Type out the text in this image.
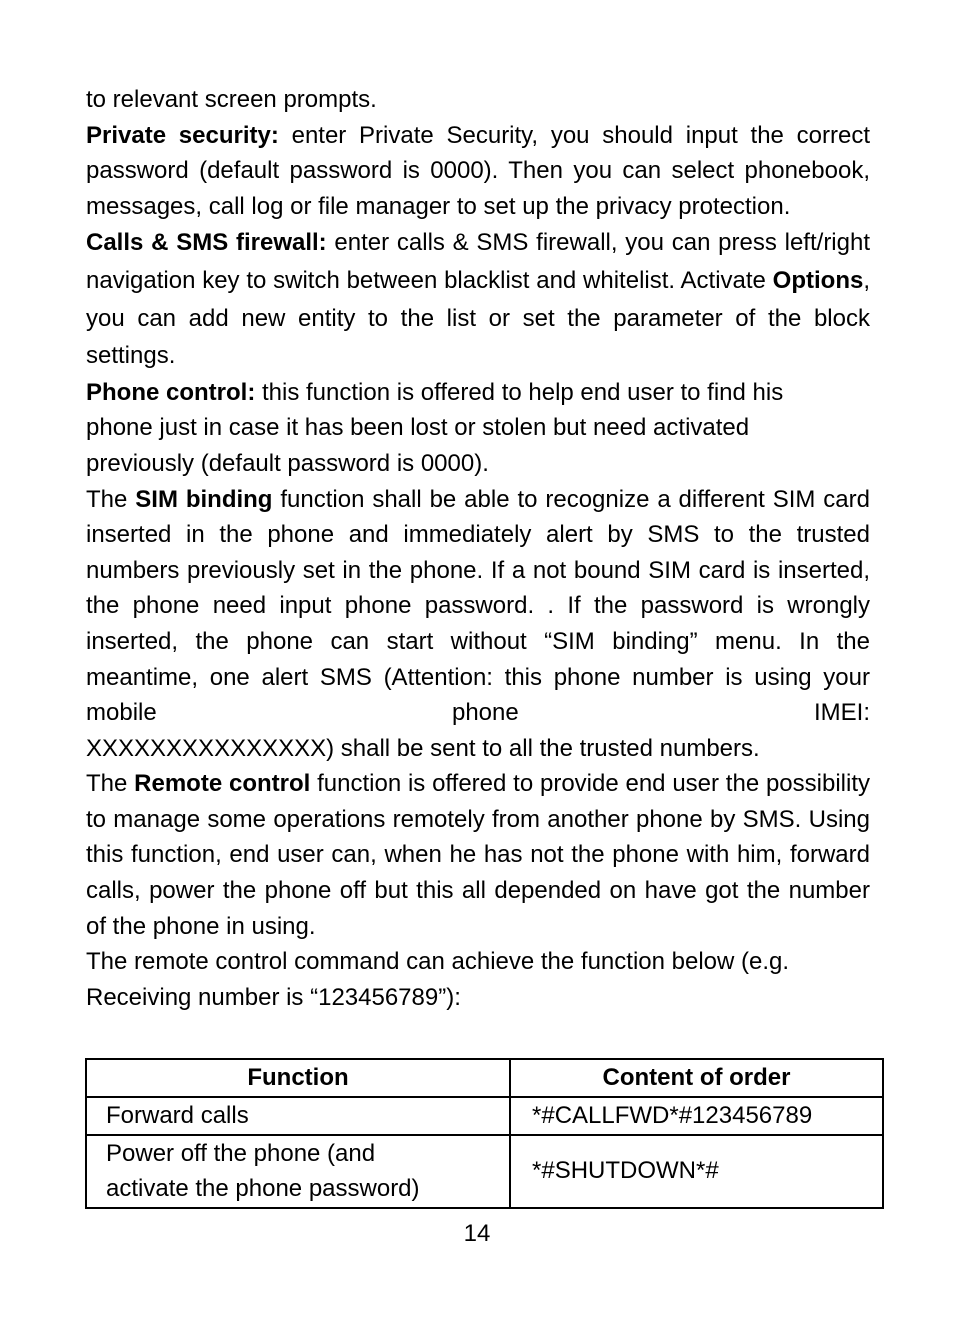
to relevant screen prompts.

Private security: enter Private Security, you should input the correct password (default password is 0000). Then you can select phonebook, messages, call log or file manager to set up the privacy protection.

Calls & SMS firewall: enter calls & SMS firewall, you can press left/right navigation key to switch between blacklist and whitelist. Activate Options, you can add new entity to the list or set the parameter of the block settings.

Phone control: this function is offered to help end user to find his
phone just in case it has been lost or stolen but need activated
previously (default password is 0000).

The SIM binding function shall be able to recognize a different SIM card inserted in the phone and immediately alert by SMS to the trusted numbers previously set in the phone. If a not bound SIM card is inserted, the phone need input phone password. . If the password is wrongly inserted, the phone can start without “SIM binding” menu. In the meantime, one alert SMS (Attention: this phone number is using your mobile phone IMEI:

XXXXXXXXXXXXXXX) shall be sent to all the trusted numbers.

The Remote control function is offered to provide end user the possibility to manage some operations remotely from another phone by SMS. Using this function, end user can, when he has not the phone with him, forward calls, power the phone off but this all depended on have got the number of the phone in using.

The remote control command can achieve the function below (e.g.
Receiving number is “123456789”):

Function	Content of order
Forward calls	*#CALLFWD*#123456789
Power off the phone (and
activate the phone password)	*#SHUTDOWN*#
14
